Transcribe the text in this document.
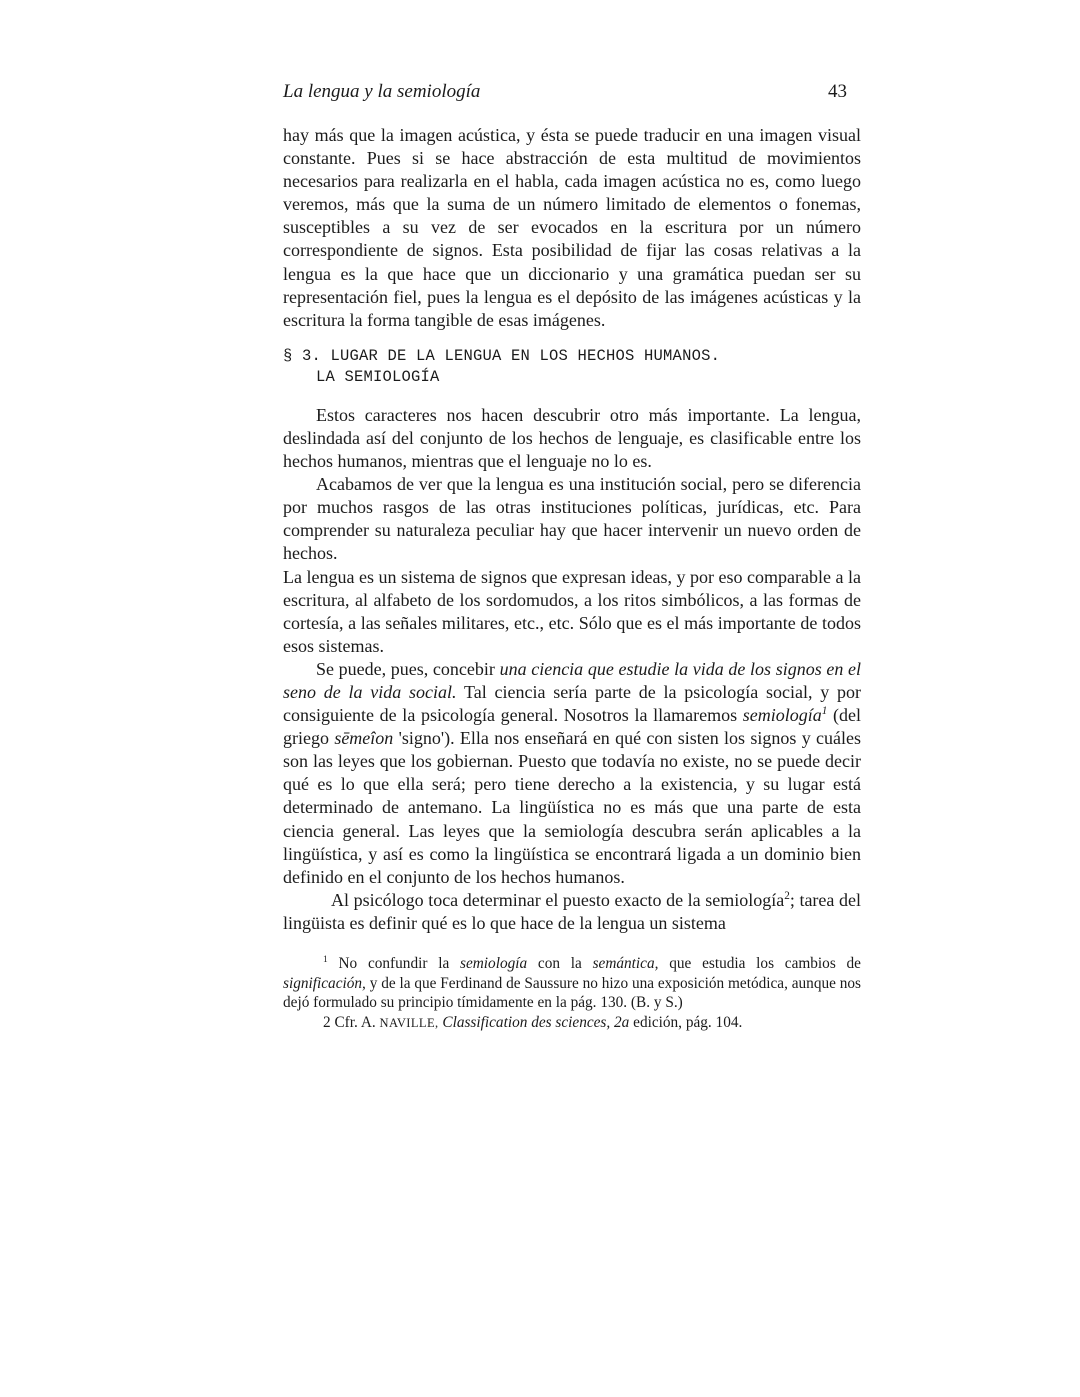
La lengua y la semiología	43

hay más que la imagen acústica, y ésta se puede traducir en una imagen visual constante. Pues si se hace abstracción de esta multitud de movimientos necesarios para realizarla en el habla, cada imagen acústica no es, como luego veremos, más que la suma de un número limitado de elementos o fonemas, susceptibles a su vez de ser evocados en la escritura por un número correspondiente de signos. Esta posibilidad de fijar las cosas relativas a la lengua es la que hace que un diccionario y una gramática puedan ser su representación fiel, pues la lengua es el depósito de las imágenes acústicas y la escritura la forma tangible de esas imágenes.

§ 3. LUGAR DE LA LENGUA EN LOS HECHOS HUMANOS.
LA SEMIOLOGÍA

Estos caracteres nos hacen descubrir otro más importante. La lengua, deslindada así del conjunto de los hechos de lenguaje, es clasificable entre los hechos humanos, mientras que el lenguaje no lo es.

Acabamos de ver que la lengua es una institución social, pero se diferencia por muchos rasgos de las otras instituciones políticas, jurídicas, etc. Para comprender su naturaleza peculiar hay que hacer intervenir un nuevo orden de hechos.

La lengua es un sistema de signos que expresan ideas, y por eso comparable a la escritura, al alfabeto de los sordomudos, a los ritos simbólicos, a las formas de cortesía, a las señales militares, etc., etc. Sólo que es el más importante de todos esos sistemas.

Se puede, pues, concebir una ciencia que estudie la vida de los signos en el seno de la vida social. Tal ciencia sería parte de la psicología social, y por consiguiente de la psicología general. Nosotros la llamaremos semiología$^1$ (del griego sēmeîon 'signo'). Ella nos enseñará en qué con sisten los signos y cuáles son las leyes que los gobiernan. Puesto que todavía no existe, no se puede decir qué es lo que ella será; pero tiene derecho a la existencia, y su lugar está determinado de antemano. La lingüística no es más que una parte de esta ciencia general. Las leyes que la semiología descubra serán aplicables a la lingüística, y así es como la lingüística se encontrará ligada a un dominio bien definido en el conjunto de los hechos humanos.

Al psicólogo toca determinar el puesto exacto de la semiología$^2$; tarea del lingüista es definir qué es lo que hace de la lengua un sistema

$^1$ No confundir la semiología con la semántica, que estudia los cambios de significación, y de la que Ferdinand de Saussure no hizo una exposición metódica, aunque nos dejó formulado su principio tímidamente en la pág. 130. (B. y S.)

2 Cfr. A. NAVILLE, Classification des sciences, 2a edición, pág. 104.
